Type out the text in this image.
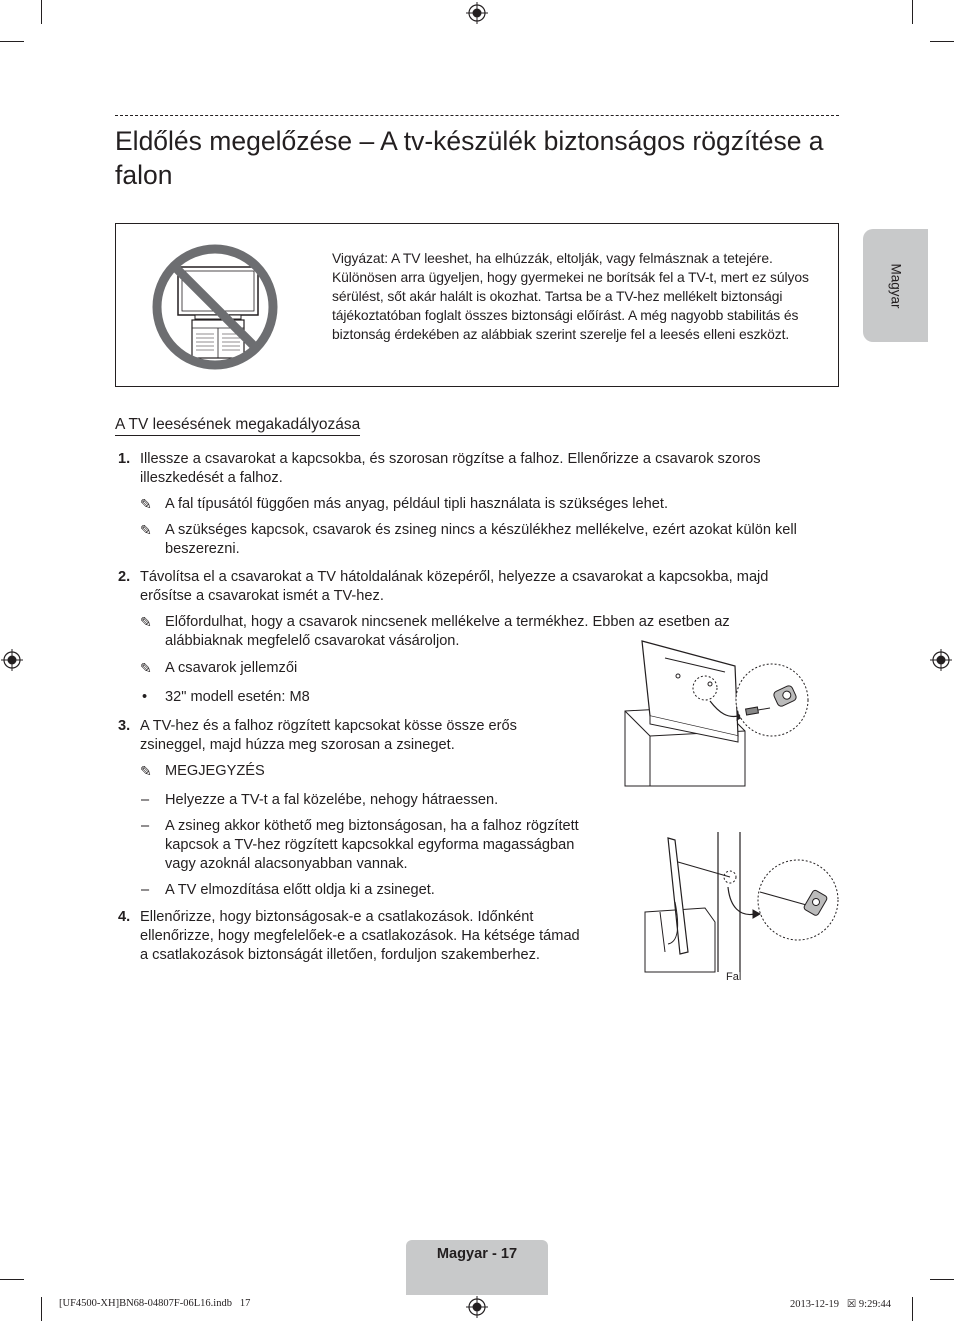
Eldőlés megelőzése – A tv-készülék biztonságos rögzítése a falon
Magyar
Vigyázat: A TV leeshet, ha elhúzzák, eltolják, vagy felmásznak a tetejére. Különösen arra ügyeljen, hogy gyermekei ne borítsák fel a TV-t, mert ez súlyos sérülést, sőt akár halált is okozhat. Tartsa be a TV-hez mellékelt biztonsági tájékoztatóban foglalt összes biztonsági előírást. A még nagyobb stabilitás és biztonság érdekében az alábbiak szerint szerelje fel a leesés elleni eszközt.
A TV leesésének megakadályozása
1. Illessze a csavarokat a kapcsokba, és szorosan rögzítse a falhoz. Ellenőrizze a csavarok szoros
illeszkedését a falhoz.
✎ A fal típusától függően más anyag, például tipli használata is szükséges lehet.
✎ A szükséges kapcsok, csavarok és zsineg nincs a készülékhez mellékelve, ezért azokat külön kell
beszerezni.
2. Távolítsa el a csavarokat a TV hátoldalának közepéről, helyezze a csavarokat a kapcsokba, majd
erősítse a csavarokat ismét a TV-hez.
✎ Előfordulhat, hogy a csavarok nincsenek mellékelve a termékhez. Ebben az esetben az
alábbiaknak megfelelő csavarokat vásároljon.
✎ A csavarok jellemzői
• 32" modell esetén: M8
3. A TV-hez és a falhoz rögzített kapcsokat kösse össze erős
zsineggel, majd húzza meg szorosan a zsineget.
✎ MEGJEGYZÉS
– Helyezze a TV-t a fal közelébe, nehogy hátraessen.
– A zsineg akkor köthető meg biztonságosan, ha a falhoz rögzített
kapcsok a TV-hez rögzített kapcsokkal egyforma magasságban
vagy azoknál alacsonyabban vannak.
– A TV elmozdítása előtt oldja ki a zsineget.
4. Ellenőrizze, hogy biztonságosak-e a csatlakozások. Időnként
ellenőrizze, hogy megfelelőek-e a csatlakozások. Ha kétsége támad
a csatlakozások biztonságát illetően, forduljon szakemberhez.
Fal
Magyar - 17
[UF4500-XH]BN68-04807F-06L16.indb   17	2013-12-19   ☒ 9:29:44
